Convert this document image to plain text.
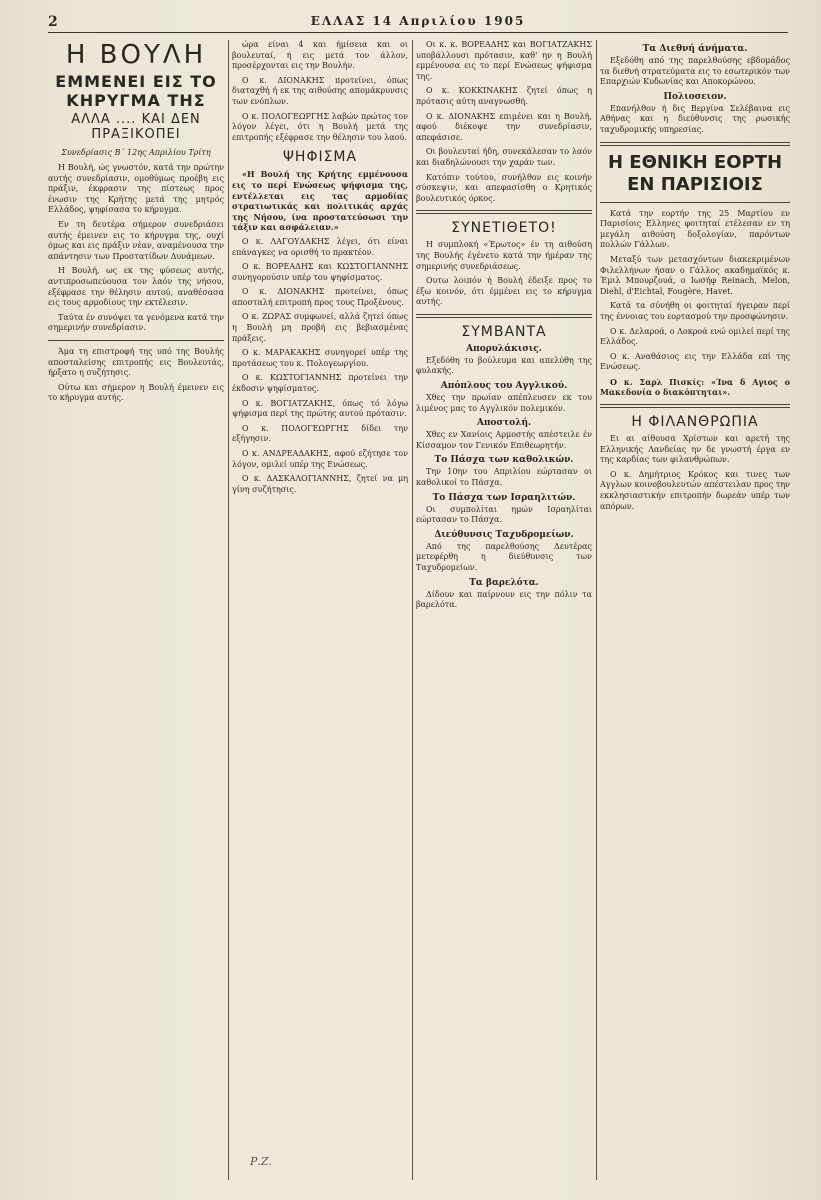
2	ΕΛΛΑΣ 14 Απριλίου 1905
Η ΒΟΥΛΗ
ΕΜΜΕΝΕΙ ΕΙΣ ΤΟ ΚΗΡΥΓΜΑ ΤΗΣ
ΑΛΛΑ .... ΚΑΙ ΔΕΝ ΠΡΑΞΙΚΟΠΕΙ
Συνεδρίασις Β΄ 12ης Απριλίου Τρίτη

Η Βουλή, ώς γνωστόν, κατά την πρώτην αυτής συνεδρίασιν, ομοθύμως προέβη εις πράξιν, έκφρασιν της πίστεως προς ένωσιν της Κρήτης μετά της μητρός Ελλάδος, ψηφίσασα το κήρυγμα.

Εν τη δευτέρα σήμερον συνεδριάσει αυτής έμεινεν εις το κήρυγμα της, ουχί όμως και εις πράξιν νέαν, αναμένουσα την απάντησιν των Προστατίδων Δυνάμεων.

Η Βουλή, ως εκ της φύσεως αυτής, αντιπροσωπεύουσα τον λαόν της νήσου, εξέφρασε την θέλησιν αυτού, αναθέσασα εις τους αρμοδίους την εκτέλεσιν.

Ταύτα έν συνόψει τα γενόμενα κατά την σημερινήν συνεδρίασιν.

Άμα τη επιστροφή της υπό της Βουλής αποσταλείσης επιτροπής εις Βουλευτάς, ήρξατο η συζήτησις.

Ούτω και σήμερον η Βουλή έμεινεν εις το κήρυγμα αυτής.

ώρα είναι 4 και ήμίσεια και οι βουλευταί, ή εις μετά τον άλλον, προσέρχονται εις την Βουλήν.

Ο κ. ΔΙΟΝΑΚΗΣ προτείνει, όπως διαταχθή ή εκ της αιθούσης απομάκρυνσις των ενόπλων.

Ο κ. ΠΟΛΟΓΕΩΡΓΗΣ λαβών πρώτος τον λόγον λέγει, ότι η Βουλή μετά της επιτροπής εξέφρασε την θέλησιν του λαού.

ΨΗΦΙΣΜΑ

«Η Βουλή της Κρήτης εμμένουσα εις το περί Ενώσεως ψήφισμα της, εντέλλεται εις τας αρμοδίας στρατιωτικάς και πολιτικάς αρχάς της Νήσου, ίνα προστατεύσωσι την τάξιν και ασφάλειαν.»

Ο κ. ΛΑΓΟΥΔΑΚΗΣ λέγει, ότι είναι επάναγκες να ορισθή το πρακτέον.

Ο κ. ΒΟΡΕΑΔΗΣ και ΚΩΣΤΟΓΙΑΝΝΗΣ συνηγορούσιν υπέρ του ψηφίσματος.

Ο κ. ΔΙΟΝΑΚΗΣ προτείνει, όπως αποσταλή επιτροπή προς τους Προξένους.

Ο κ. ΖΩΡΑΣ συμφωνεί, αλλά ζητεί όπως η Βουλή μη προβή εις βεβιασμένας πράξεις.

Ο κ. ΜΑΡΑΚΑΚΗΣ συνηγορεί υπέρ της προτάσεως του κ. Πολογεωργίου.

Ο κ. ΚΩΣΤΟΓΙΑΝΝΗΣ προτείνει την έκδοσιν ψηφίσματος.

Ο κ. ΒΟΓΙΑΤΖΑΚΗΣ, όπως τό λόγω ψήφισμα περί της πρώτης αυτού πρότασιν.

Ο κ. ΠΟΛΟΓΕΩΡΓΗΣ δίδει την εξήγησιν.

Ο κ. ΑΝΔΡΕΑΔΑΚΗΣ, αφού εζήτησε τον λόγον, ομιλεί υπέρ της Ενώσεως.

Ο κ. ΔΑΣΚΑΛΟΓΙΑΝΝΗΣ, ζητεί να μη γίνη συζήτησις.

Οι κ. κ. ΒΟΡΕΑΔΗΣ και ΒΟΓΙΑΤΖΑΚΗΣ υποβάλλουσι πρότασιν, καθ' ην η Βουλή εμμένουσα εις το περί Ενώσεως ψήφισμα της.

Ο κ. ΚΟΚΚΙΝΑΚΗΣ ζητεί όπως η πρότασις αύτη αναγνωσθή.

Ο κ. ΔΙΟΝΑΚΗΣ επιμένει και η Βουλή, αφού διέκοψε την συνεδρίασιν, απεφάσισε.

Οι βουλευταί ήδη, συνεκάλεσαν το λαόν και διαδηλώνουσι την χαράν των.

Κατόπιν τούτου, συνήλθον εις κοινήν σύσκεψιν, και απεφασίσθη ο Κρητικός βουλευτικός όρκος.

ΣΥΝΕΤΙΘΕΤΟ!

Η συμπλοκή «Έρωτος» έν τη αιθούση της Βουλής έγένετο κατά την ήμέραν της σημερινής συνεδριάσεως.

Ουτω λοιπόν ή Βουλή έδειξε προς το έξω κοινόν, ότι έμμένει εις το κήρυγμα αυτής.

ΣΥΜΒΑΝΤΑ
Απορυλάκισις.

Εξεδόθη το βούλευμα και απελύθη της φυλακής.

Απόπλους του Αγγλικού.

Χθες την πρωίαν απέπλευσεν εκ του λιμένος μας το Αγγλικόν πολεμικόν.

Αποστολή.

Χθες εν Χανίοις Αρμοστής απέστειλε έν Κίσσαμον τον Γενικόν Επιθεωρητήν.

Το Πάσχα των καθολικών.

Την 10ην του Απριλίου εώρτασαν οι καθολικοί το Πάσχα.

Το Πάσχα των Ισραηλιτών.

Οι συμπολίται ημών Ισραηλίται εώρτασαν το Πάσχα.

Διεύθυνσις Ταχυδρομείων.

Από της παρελθούσης Δευτέρας μετεφέρθη η διεύθυνσις των Ταχυδρομείων.

Τα βαρελότα.

Δίδουν και παίρνουν εις την πόλιν τα βαρελότα.

Τα Διεθνή άνήματα.

Εξεδόθη από της παρελθούσης εβδομάδος τα διεθνή στρατεύματα εις το εσωτερικόν των Επαρχιών Κυδωνίας και Αποκορώνου.

Πολιοσειον.

Επανήλθον ή δις Βεργίνα Σελέβαινα εις Αθήνας και η διεύθυνσις της ρωσικής ταχυδρομικής υπηρεσίας.

Η ΕΘΝΙΚΗ ΕΟΡΤΗ ΕΝ ΠΑΡΙΣΙΟΙΣ

Κατά την εορτήν της 25 Μαρτίου εν Παρισίοις Ελληνες φοιτηταί ετέλεσαν εν τη μεγάλη αιθούση δοξολογίαν, παρόντων πολλών Γάλλων.

Μεταξύ των μετασχόντων διακεκριμένων Φιλελλήνων ήσαν ο Γάλλος ακαδημαϊκός κ. Έμιλ Μπουρζουά, ο Ιωσήφ Reinach, Melon, Diehl, d'Eichtal, Fougère, Havet.

Κατά τα σύνήθη οι φοιτηταί ήγειραν περί της έννοιας του εορτασμού την προσφώνησιν.

Ο κ. Δελαροά, ο Λοκροά ενώ ομιλεί περί της Ελλάδος.

Ο κ. Αναθάσιος εις την Ελλάδα επί της Ενώσεως.

Ο κ. Σαρλ Πισκίς: «Ίνα δ Αγιος ο Μακεδονία ο διακόπτηται».

Η ΦΙΛΑΝΘΡΩΠΙΑ

Ει αι αίθουσα Χρίστων και αρετή της Ελληνικής Λανδείας ην δε γνωστή έργα εν της καρδίας των φιλανθρώπων.

Ο κ. Δημήτριος Κρόκος και τινες των Αγγλων κοινοβουλευτών απέστειλαν προς την εκκλησιαστικήν επιτροπήν δωρεάν υπέρ των απόρων.

Ρ.Ζ.
